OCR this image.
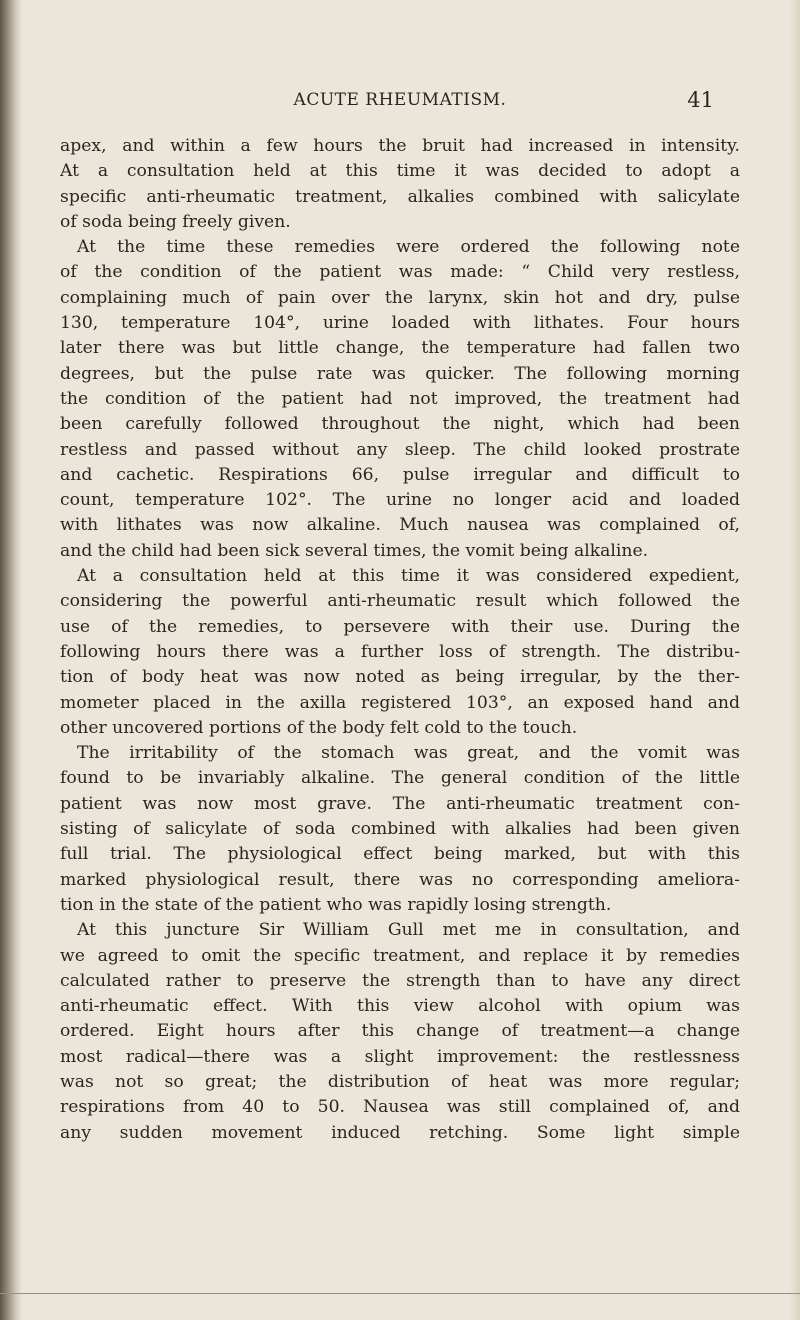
ACUTE RHEUMATISM.	41
apex, and within a few hours the bruit had increased in intensity.
At a consultation held at this time it was decided to adopt a
specific anti-rheumatic treatment, alkalies combined with salicylate
of soda being freely given.
At the time these remedies were ordered the following note
of the condition of the patient was made: “ Child very restless,
complaining much of pain over the larynx, skin hot and dry, pulse
130, temperature 104°, urine loaded with lithates. Four hours
later there was but little change, the temperature had fallen two
degrees, but the pulse rate was quicker. The following morning
the condition of the patient had not improved, the treatment had
been carefully followed throughout the night, which had been
restless and passed without any sleep. The child looked prostrate
and cachetic. Respirations 66, pulse irregular and difficult to
count, temperature 102°. The urine no longer acid and loaded
with lithates was now alkaline. Much nausea was complained of,
and the child had been sick several times, the vomit being alkaline.
At a consultation held at this time it was considered expedient,
considering the powerful anti-rheumatic result which followed the
use of the remedies, to persevere with their use. During the
following hours there was a further loss of strength. The distribu-
tion of body heat was now noted as being irregular, by the ther-
mometer placed in the axilla registered 103°, an exposed hand and
other uncovered portions of the body felt cold to the touch.
The irritability of the stomach was great, and the vomit was
found to be invariably alkaline. The general condition of the little
patient was now most grave. The anti-rheumatic treatment con-
sisting of salicylate of soda combined with alkalies had been given
full trial. The physiological effect being marked, but with this
marked physiological result, there was no corresponding ameliora-
tion in the state of the patient who was rapidly losing strength.
At this juncture Sir William Gull met me in consultation, and
we agreed to omit the specific treatment, and replace it by remedies
calculated rather to preserve the strength than to have any direct
anti-rheumatic effect. With this view alcohol with opium was
ordered. Eight hours after this change of treatment—a change
most radical—there was a slight improvement: the restlessness
was not so great; the distribution of heat was more regular;
respirations from 40 to 50. Nausea was still complained of, and
any sudden movement induced retching. Some light simple
